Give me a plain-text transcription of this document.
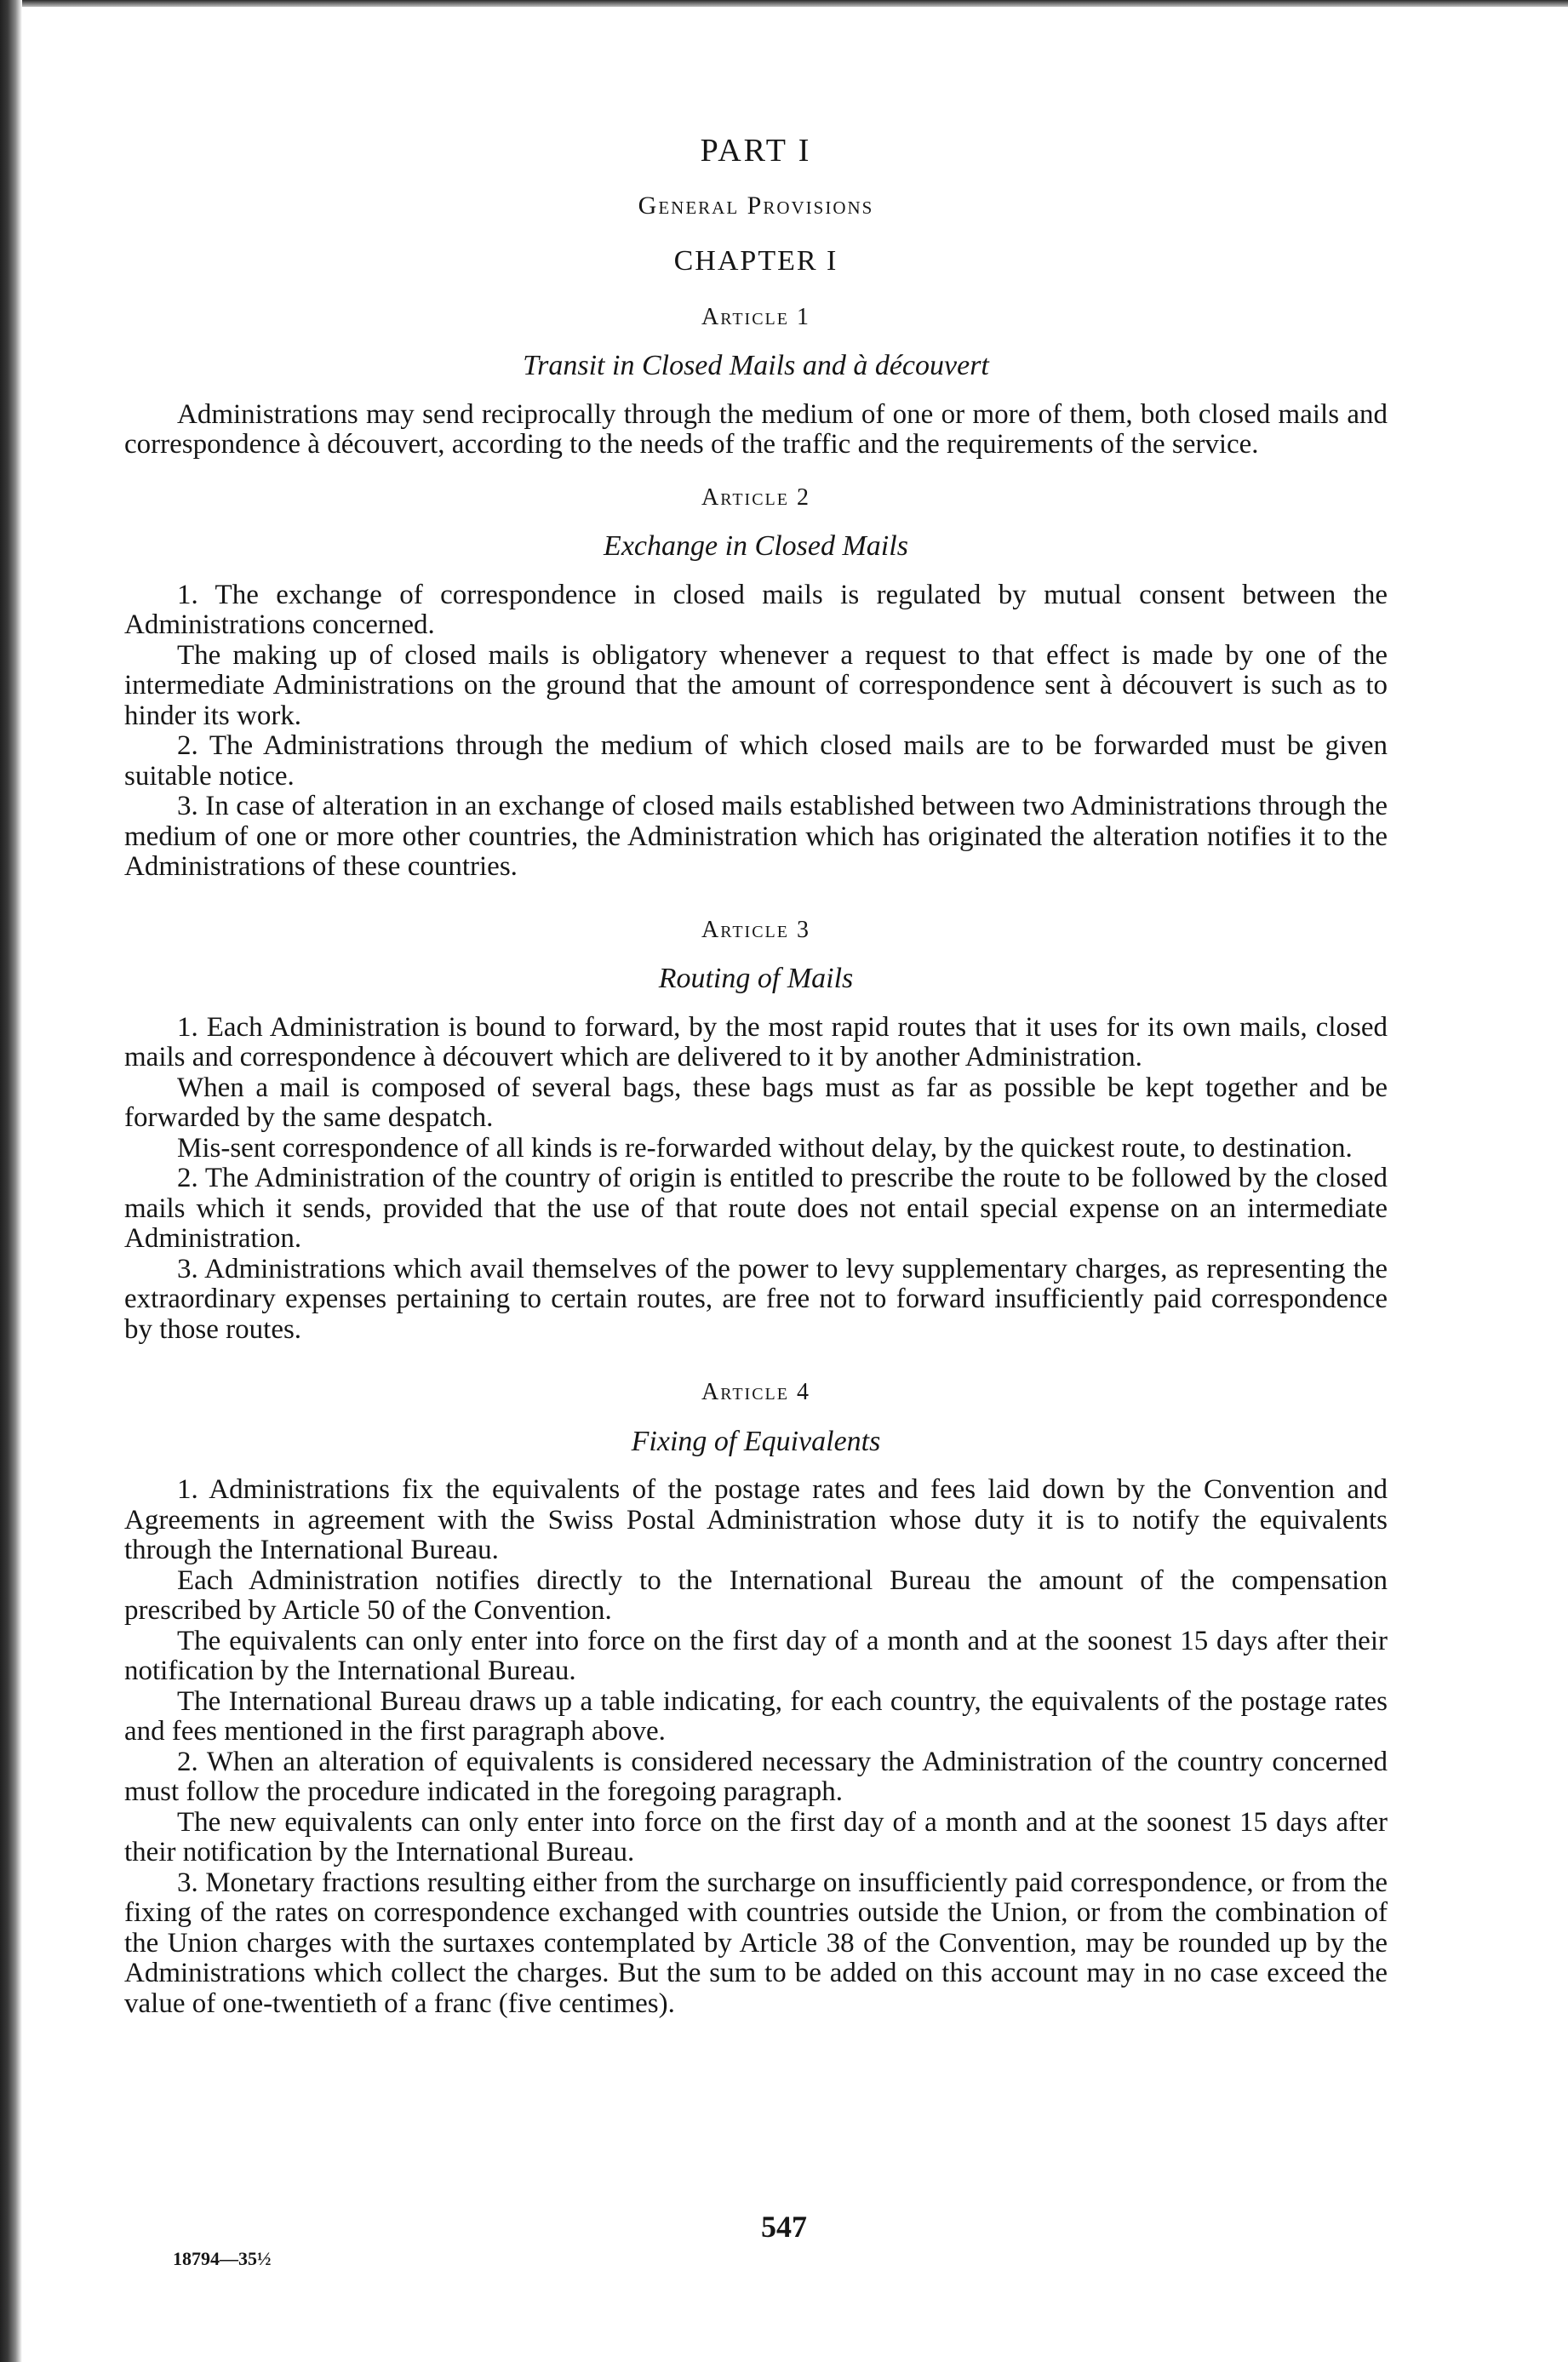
PART I
General Provisions
CHAPTER I
Article 1
Transit in Closed Mails and à découvert

Administrations may send reciprocally through the medium of one or more of them, both closed mails and correspondence à découvert, according to the needs of the traffic and the requirements of the service.

Article 2
Exchange in Closed Mails

1. The exchange of correspondence in closed mails is regulated by mutual consent between the Administrations concerned.

The making up of closed mails is obligatory whenever a request to that effect is made by one of the intermediate Administrations on the ground that the amount of correspondence sent à découvert is such as to hinder its work.

2. The Administrations through the medium of which closed mails are to be forwarded must be given suitable notice.

3. In case of alteration in an exchange of closed mails established between two Administrations through the medium of one or more other countries, the Administration which has originated the alteration notifies it to the Administrations of these countries.

Article 3
Routing of Mails

1. Each Administration is bound to forward, by the most rapid routes that it uses for its own mails, closed mails and correspondence à découvert which are delivered to it by another Administration.

When a mail is composed of several bags, these bags must as far as possible be kept together and be forwarded by the same despatch.

Mis-sent correspondence of all kinds is re-forwarded without delay, by the quickest route, to destination.

2. The Administration of the country of origin is entitled to prescribe the route to be followed by the closed mails which it sends, provided that the use of that route does not entail special expense on an intermediate Administration.

3. Administrations which avail themselves of the power to levy supplementary charges, as representing the extraordinary expenses pertaining to certain routes, are free not to forward insufficiently paid correspondence by those routes.

Article 4
Fixing of Equivalents

1. Administrations fix the equivalents of the postage rates and fees laid down by the Convention and Agreements in agreement with the Swiss Postal Administration whose duty it is to notify the equivalents through the International Bureau.

Each Administration notifies directly to the International Bureau the amount of the compensation prescribed by Article 50 of the Convention.

The equivalents can only enter into force on the first day of a month and at the soonest 15 days after their notification by the International Bureau.

The International Bureau draws up a table indicating, for each country, the equivalents of the postage rates and fees mentioned in the first paragraph above.

2. When an alteration of equivalents is considered necessary the Administration of the country concerned must follow the procedure indicated in the foregoing paragraph.

The new equivalents can only enter into force on the first day of a month and at the soonest 15 days after their notification by the International Bureau.

3. Monetary fractions resulting either from the surcharge on insufficiently paid correspondence, or from the fixing of the rates on correspondence exchanged with countries outside the Union, or from the combination of the Union charges with the surtaxes contemplated by Article 38 of the Convention, may be rounded up by the Administrations which collect the charges. But the sum to be added on this account may in no case exceed the value of one-twentieth of a franc (five centimes).

547
18794—35½
